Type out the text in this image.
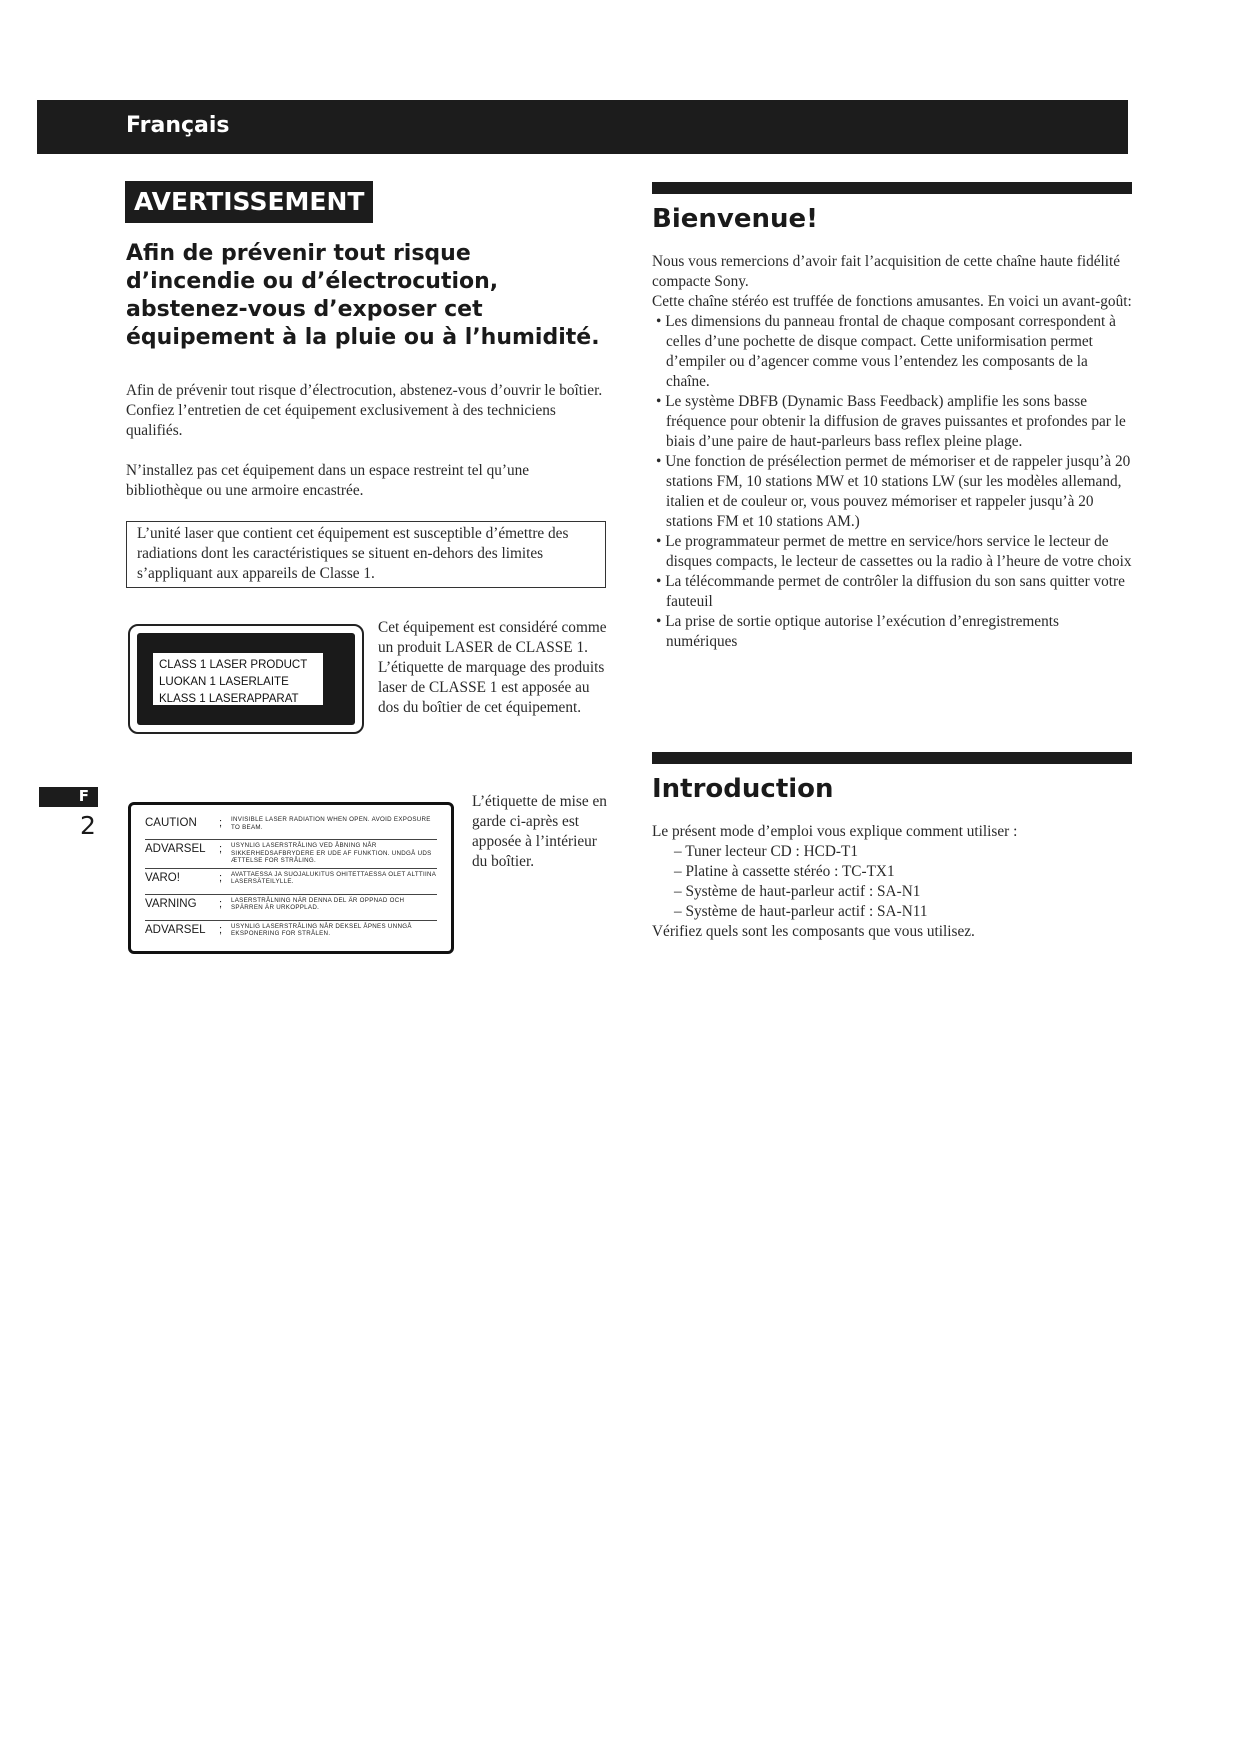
Français
AVERTISSEMENT
Afin de prévenir tout risque d’incendie ou d’électrocution, abstenez-vous d’exposer cet équipement à la pluie ou à l’humidité.
Afin de prévenir tout risque d’électrocution, abstenez-vous d’ouvrir le boîtier. Confiez l’entretien de cet équipement exclusivement à des techniciens qualifiés.
N’installez pas cet équipement dans un espace restreint tel qu’une bibliothèque ou une armoire encastrée.
L’unité laser que contient cet équipement est susceptible d’émettre des radiations dont les caractéristiques se situent en-dehors des limites s’appliquant aux appareils de Classe 1.
CLASS 1 LASER PRODUCT
LUOKAN 1 LASERLAITE
KLASS 1 LASERAPPARAT
Cet équipement est considéré comme un produit LASER de CLASSE 1. L’étiquette de marquage des produits laser de CLASSE 1 est apposée au dos du boîtier de cet équipement.
CAUTION	;	INVISIBLE LASER RADIATION WHEN OPEN. AVOID EXPOSURE TO BEAM.
ADVARSEL	;	USYNLIG LASERSTRÅLING VED ÅBNING NÅR SIKKERHEDSAFBRYDERE ER UDE AF FUNKTION. UNDGÅ UDS ÆTTELSE FOR STRÅLING.
VARO!	;	AVATTAESSA JA SUOJALUKITUS OHITETTAESSA OLET ALTTIINA LASERSÄTEILYLLE.
VARNING	;	LASERSTRÅLNING NÄR DENNA DEL ÄR OPPNAD OCH SPÄRREN ÄR URKOPPLAD.
ADVARSEL	;	USYNLIG LASERSTRÅLING NÅR DEKSEL ÅPNES UNNGÅ EKSPONERING FOR STRÅLEN.
L’étiquette de mise en garde ci-après est apposée à l’intérieur du boîtier.
Bienvenue!
Nous vous remercions d’avoir fait l’acquisition de cette chaîne haute fidélité compacte Sony.
Cette chaîne stéréo est truffée de fonctions amusantes. En voici un avant-goût:
• Les dimensions du panneau frontal de chaque composant correspondent à celles d’une pochette de disque compact. Cette uniformisation permet d’empiler ou d’agencer comme vous l’entendez les composants de la chaîne.
• Le système DBFB (Dynamic Bass Feedback) amplifie les sons basse fréquence pour obtenir la diffusion de graves puissantes et profondes par le biais d’une paire de haut-parleurs bass reflex pleine plage.
• Une fonction de présélection permet de mémoriser et de rappeler jusqu’à 20 stations FM, 10 stations MW et 10 stations LW (sur les modèles allemand, italien et de couleur or, vous pouvez mémoriser et rappeler jusqu’à 20 stations FM et 10 stations AM.)
• Le programmateur permet de mettre en service/hors service le lecteur de disques compacts, le lecteur de cassettes ou la radio à l’heure de votre choix
• La télécommande permet de contrôler la diffusion du son sans quitter votre fauteuil
• La prise de sortie optique autorise l’exécution d’enregistrements numériques
Introduction
Le présent mode d’emploi vous explique comment utiliser :
– Tuner lecteur CD : HCD-T1
– Platine à cassette stéréo : TC-TX1
– Système de haut-parleur actif : SA-N1
– Système de haut-parleur actif : SA-N11
Vérifiez quels sont les composants que vous utilisez.
F
2
